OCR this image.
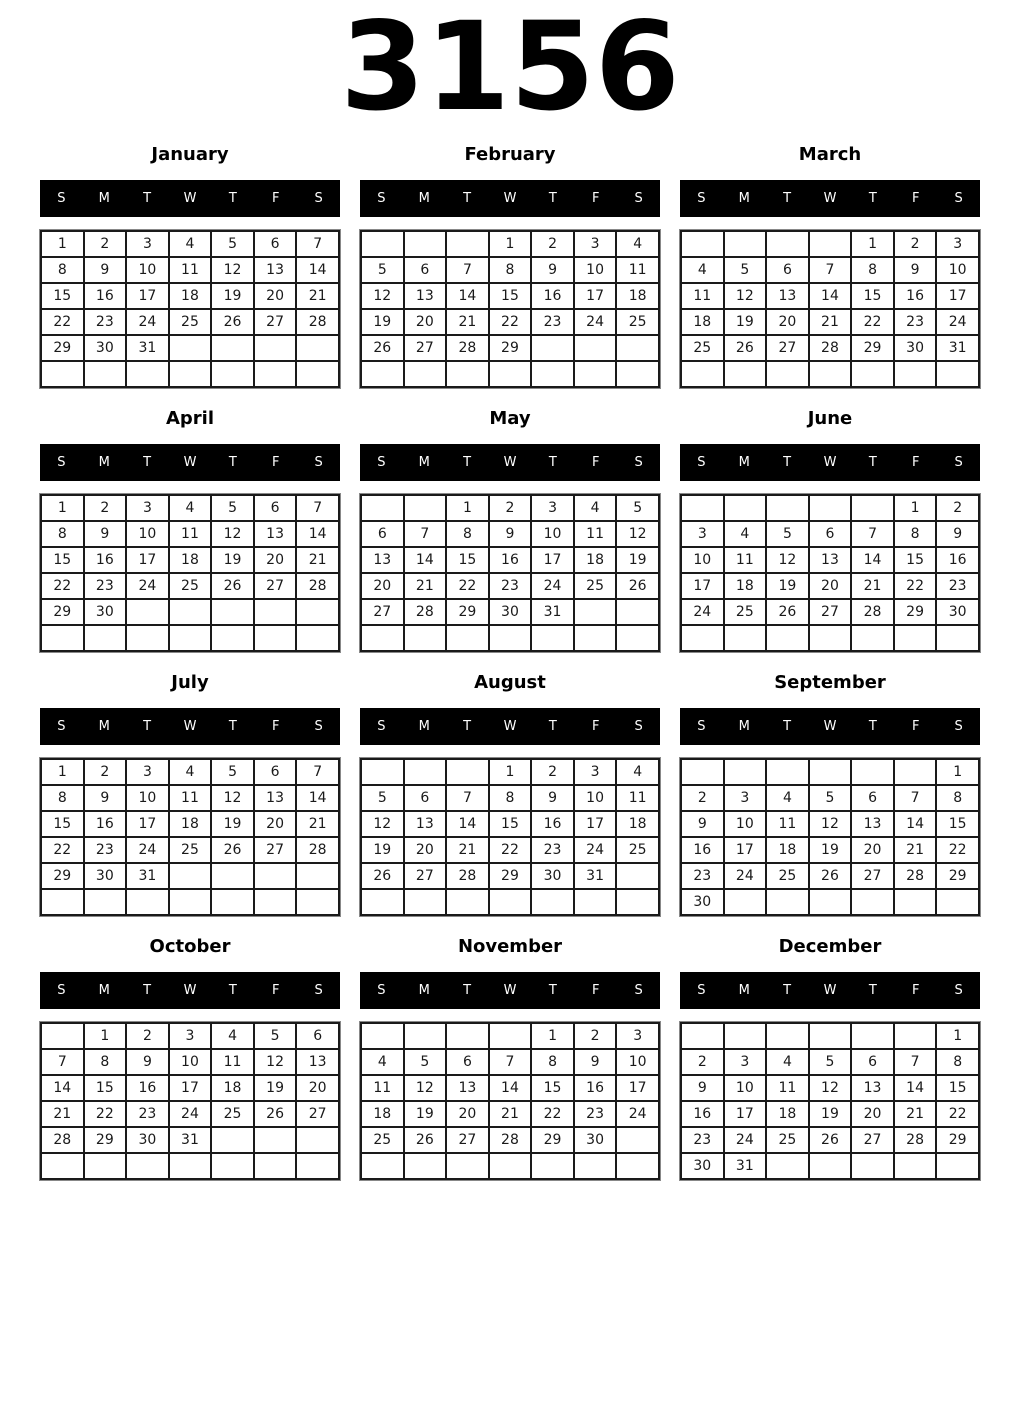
3156
January
S	M	T	W	T	F	S
1	2	3	4	5	6	7
8	9	10	11	12	13	14
15	16	17	18	19	20	21
22	23	24	25	26	27	28
29	30	31				

February
S	M	T	W	T	F	S
			1	2	3	4
5	6	7	8	9	10	11
12	13	14	15	16	17	18
19	20	21	22	23	24	25
26	27	28	29			

March
S	M	T	W	T	F	S
				1	2	3
4	5	6	7	8	9	10
11	12	13	14	15	16	17
18	19	20	21	22	23	24
25	26	27	28	29	30	31

April
S	M	T	W	T	F	S
1	2	3	4	5	6	7
8	9	10	11	12	13	14
15	16	17	18	19	20	21
22	23	24	25	26	27	28
29	30					

May
S	M	T	W	T	F	S
		1	2	3	4	5
6	7	8	9	10	11	12
13	14	15	16	17	18	19
20	21	22	23	24	25	26
27	28	29	30	31		

June
S	M	T	W	T	F	S
					1	2
3	4	5	6	7	8	9
10	11	12	13	14	15	16
17	18	19	20	21	22	23
24	25	26	27	28	29	30

July
S	M	T	W	T	F	S
1	2	3	4	5	6	7
8	9	10	11	12	13	14
15	16	17	18	19	20	21
22	23	24	25	26	27	28
29	30	31				

August
S	M	T	W	T	F	S
			1	2	3	4
5	6	7	8	9	10	11
12	13	14	15	16	17	18
19	20	21	22	23	24	25
26	27	28	29	30	31	

September
S	M	T	W	T	F	S
						1
2	3	4	5	6	7	8
9	10	11	12	13	14	15
16	17	18	19	20	21	22
23	24	25	26	27	28	29
30						
October
S	M	T	W	T	F	S
	1	2	3	4	5	6
7	8	9	10	11	12	13
14	15	16	17	18	19	20
21	22	23	24	25	26	27
28	29	30	31			

November
S	M	T	W	T	F	S
				1	2	3
4	5	6	7	8	9	10
11	12	13	14	15	16	17
18	19	20	21	22	23	24
25	26	27	28	29	30	

December
S	M	T	W	T	F	S
						1
2	3	4	5	6	7	8
9	10	11	12	13	14	15
16	17	18	19	20	21	22
23	24	25	26	27	28	29
30	31					
